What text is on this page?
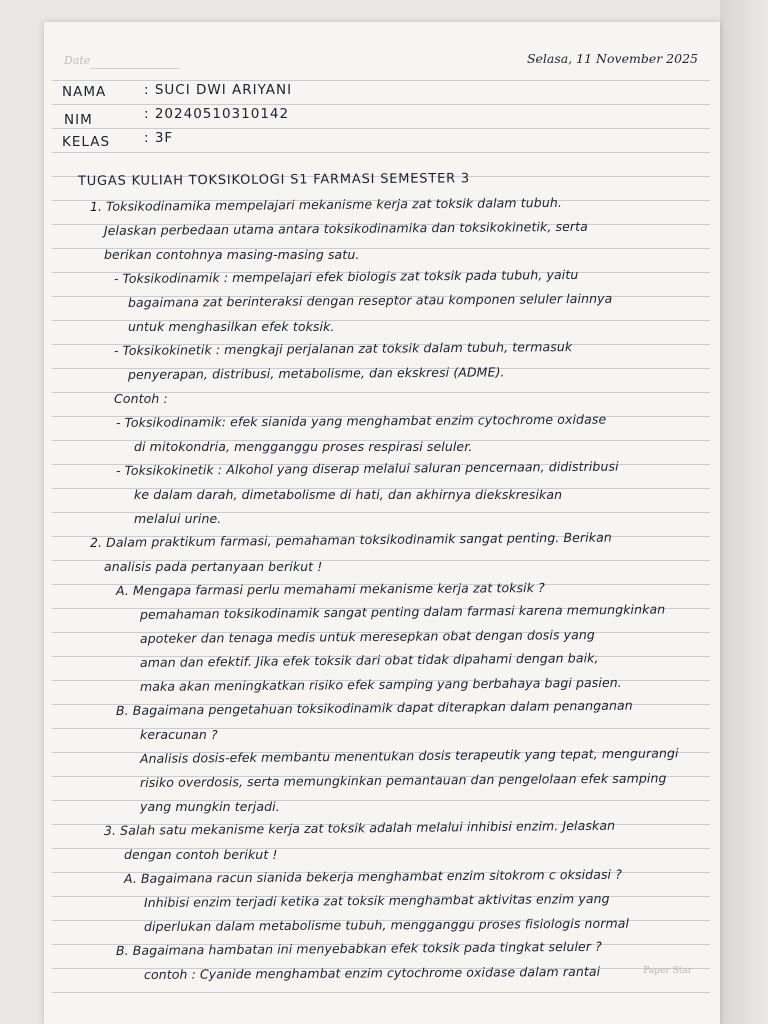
Date	Selasa, 11 November 2025
NAMA	: SUCI DWI ARIYANI
NIM	: 20240510310142
KELAS	: 3F
TUGAS KULIAH TOKSIKOLOGI S1 FARMASI SEMESTER 3
1. Toksikodinamika mempelajari mekanisme kerja zat toksik dalam tubuh.
Jelaskan perbedaan utama antara toksikodinamika dan toksikokinetik, serta
berikan contohnya masing-masing satu.
- Toksikodinamik : mempelajari efek biologis zat toksik pada tubuh, yaitu
bagaimana zat berinteraksi dengan reseptor atau komponen seluler lainnya
untuk menghasilkan efek toksik.
- Toksikokinetik : mengkaji perjalanan zat toksik dalam tubuh, termasuk
penyerapan, distribusi, metabolisme, dan ekskresi (ADME).
Contoh :
- Toksikodinamik: efek sianida yang menghambat enzim cytochrome oxidase
di mitokondria, mengganggu proses respirasi seluler.
- Toksikokinetik : Alkohol yang diserap melalui saluran pencernaan, didistribusi
ke dalam darah, dimetabolisme di hati, dan akhirnya diekskresikan
melalui urine.
2. Dalam praktikum farmasi, pemahaman toksikodinamik sangat penting. Berikan
analisis pada pertanyaan berikut !
A. Mengapa farmasi perlu memahami mekanisme kerja zat toksik ?
pemahaman toksikodinamik sangat penting dalam farmasi karena memungkinkan
apoteker dan tenaga medis untuk meresepkan obat dengan dosis yang
aman dan efektif. Jika efek toksik dari obat tidak dipahami dengan baik,
maka akan meningkatkan risiko efek samping yang berbahaya bagi pasien.
B. Bagaimana pengetahuan toksikodinamik dapat diterapkan dalam penanganan
keracunan ?
Analisis dosis-efek membantu menentukan dosis terapeutik yang tepat, mengurangi
risiko overdosis, serta memungkinkan pemantauan dan pengelolaan efek samping
yang mungkin terjadi.
3. Salah satu mekanisme kerja zat toksik adalah melalui inhibisi enzim. Jelaskan
dengan contoh berikut !
A. Bagaimana racun sianida bekerja menghambat enzim sitokrom c oksidasi ?
Inhibisi enzim terjadi ketika zat toksik menghambat aktivitas enzim yang
diperlukan dalam metabolisme tubuh, mengganggu proses fisiologis normal
B. Bagaimana hambatan ini menyebabkan efek toksik pada tingkat seluler ?
contoh : Cyanide menghambat enzim cytochrome oxidase dalam rantai	Paper Star
